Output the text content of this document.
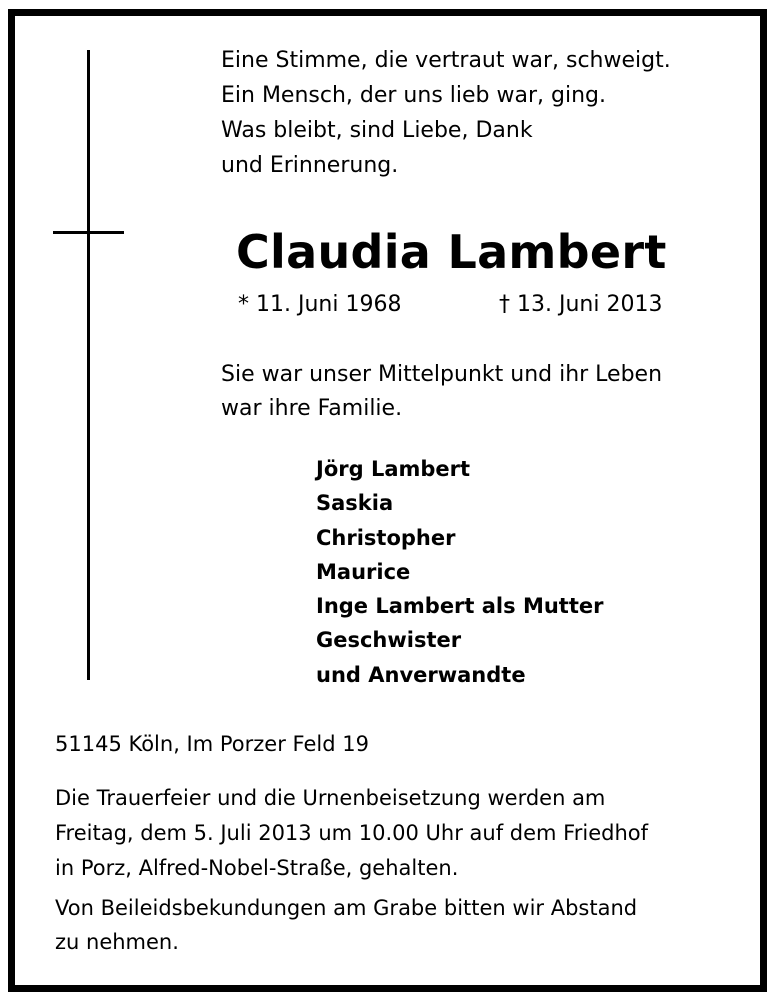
Eine Stimme, die vertraut war, schweigt.
Ein Mensch, der uns lieb war, ging.
Was bleibt, sind Liebe, Dank
und Erinnerung.
Claudia Lambert
* 11. Juni 1968	† 13. Juni 2013
Sie war unser Mittelpunkt und ihr Leben
war ihre Familie.
Jörg Lambert
Saskia
Christopher
Maurice
Inge Lambert als Mutter
Geschwister
und Anverwandte
51145 Köln, Im Porzer Feld 19
Die Trauerfeier und die Urnenbeisetzung werden am
Freitag, dem 5. Juli 2013 um 10.00 Uhr auf dem Friedhof
in Porz, Alfred-Nobel-Straße, gehalten.
Von Beileidsbekundungen am Grabe bitten wir Abstand
zu nehmen.
